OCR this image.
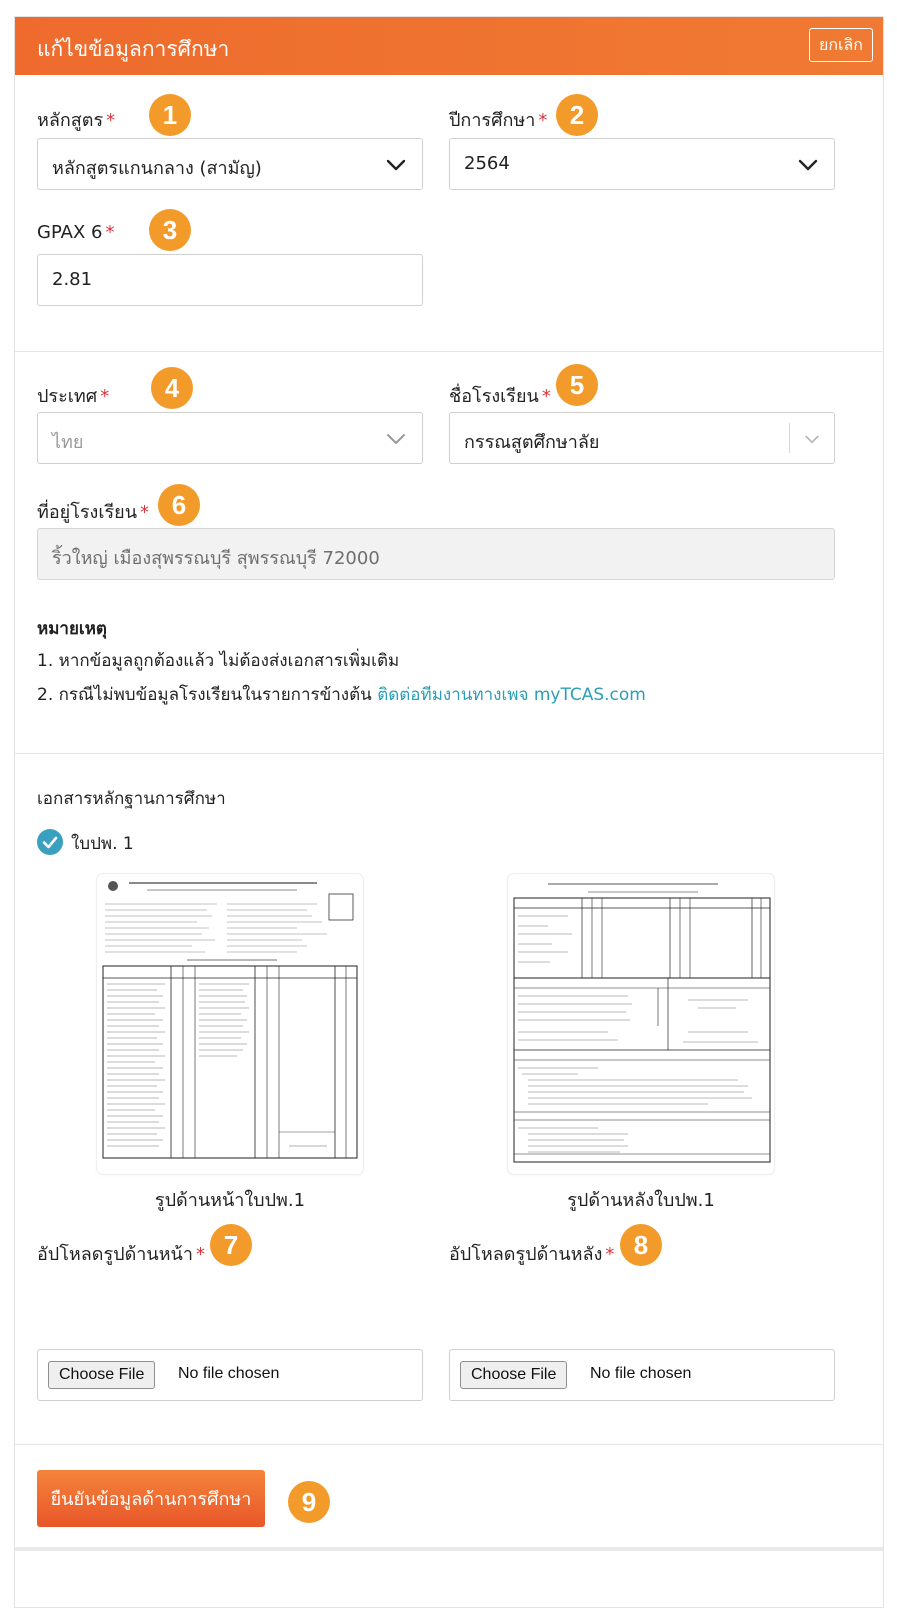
แก้ไขข้อมูลการศึกษา	ยกเลิก
หลักสูตร *	1
หลักสูตรแกนกลาง (สามัญ)
ปีการศึกษา * 2
2564
GPAX 6 *	3
2.81
ประเทศ *	4
ไทย
ชื่อโรงเรียน * 5
กรรณสูตศึกษาลัย
ที่อยู่โรงเรียน * 6
ริ้วใหญ่ เมืองสุพรรณบุรี สุพรรณบุรี 72000
หมายเหตุ
1. หากข้อมูลถูกต้องแล้ว ไม่ต้องส่งเอกสารเพิ่มเติม
2. กรณีไม่พบข้อมูลโรงเรียนในรายการข้างต้น ติดต่อทีมงานทางเพจ myTCAS.com
เอกสารหลักฐานการศึกษา
ใบปพ. 1
รูปด้านหน้าใบปพ.1	รูปด้านหลังใบปพ.1
อัปโหลดรูปด้านหน้า * 7
Choose File	No file chosen
อัปโหลดรูปด้านหลัง * 8
Choose File	No file chosen
ยืนยันข้อมูลด้านการศึกษา	9
